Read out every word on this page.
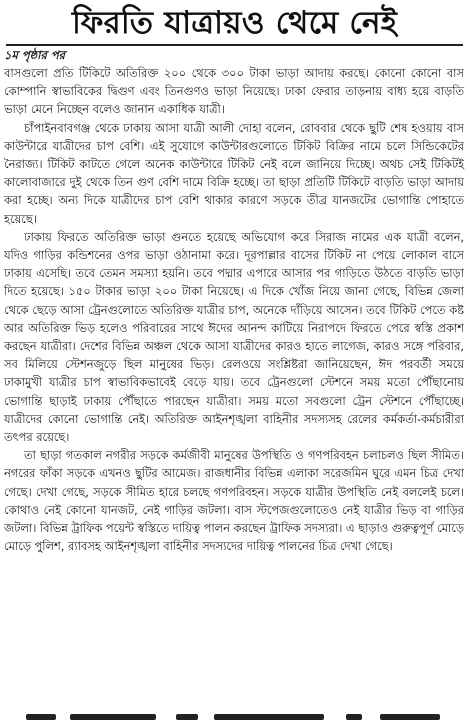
ফিরতি যাত্রায়ও থেমে নেই
১ম পৃষ্ঠার পর

বাসগুলো প্রতি টিকিটে অতিরিক্ত ২০০ থেকে ৩০০ টাকা ভাড়া আদায় করছে। কোনো কোনো বাস কোম্পানি স্বাভাবিকের দ্বিগুণ এবং তিনগুণও ভাড়া নিয়েছে। ঢাকা ফেরার তাড়নায় বাধ্য হয়ে বাড়তি ভাড়া মেনে নিচ্ছেন বলেও জানান একাধিক যাত্রী।

চাঁপাইনবাবগঞ্জ থেকে ঢাকায় আসা যাত্রী আলী দোহা বলেন, রোববার থেকে ছুটি শেষ হওয়ায় বাস কাউন্টারে যাত্রীদের চাপ বেশি। এই সুযোগে কাউন্টারগুলোতে টিকিট বিক্রির নামে চলে সিন্ডিকেটের নৈরাজ্য। টিকিট কাটতে গেলে অনেক কাউন্টারে টিকিট নেই বলে জানিয়ে দিচ্ছে। অথচ সেই টিকিটই কালোবাজারে দুই থেকে তিন গুণ বেশি দামে বিক্রি হচ্ছে। তা ছাড়া প্রতিটি টিকিটে বাড়তি ভাড়া আদায় করা হচ্ছে। অন্য দিকে যাত্রীদের চাপ বেশি থাকার কারণে সড়কে তীব্র যানজটের ভোগান্তি পোহাতে হয়েছে।

ঢাকায় ফিরতে অতিরিক্ত ভাড়া গুনতে হয়েছে অভিযোগ করে সিরাজ নামের এক যাত্রী বলেন, যদিও গাড়ির কন্ডিশনের ওপর ভাড়া ওঠানামা করে। দূরপাল্লার বাসের টিকিট না পেয়ে লোকাল বাসে ঢাকায় এসেছি। তবে তেমন সমস্যা হয়নি। তবে পদ্মার এপারে আসার পর গাড়িতে উঠতে বাড়তি ভাড়া দিতে হয়েছে। ১৫০ টাকার ভাড়া ২০০ টাকা নিয়েছে। এ দিকে খোঁজ নিয়ে জানা গেছে, বিভিন্ন জেলা থেকে ছেড়ে আসা ট্রেনগুলোতে অতিরিক্ত যাত্রীর চাপ, অনেকে দাঁড়িয়ে আসেন। তবে টিকিট পেতে কষ্ট আর অতিরিক্ত ভিড় হলেও পরিবারের সাথে ঈদের আনন্দ কাটিয়ে নিরাপদে ফিরতে পেরে স্বস্তি প্রকাশ করছেন যাত্রীরা। দেশের বিভিন্ন অঞ্চল থেকে আসা যাত্রীদের কারও হাতে লাগেজ, কারও সঙ্গে পরিবার, সব মিলিয়ে স্টেশনজুড়ে ছিল মানুষের ভিড়। রেলওয়ে সংশ্লিষ্টরা জানিয়েছেন, ঈদ পরবর্তী সময়ে ঢাকামুখী যাত্রীর চাপ স্বাভাবিকভাবেই বেড়ে যায়। তবে ট্রেনগুলো স্টেশনে সময় মতো পৌঁছানোয় ভোগান্তি ছাড়াই ঢাকায় পৌঁছাতে পারছেন যাত্রীরা। সময় মতো সবগুলো ট্রেন স্টেশনে পৌঁছাচ্ছে। যাত্রীদের কোনো ভোগান্তি নেই। অতিরিক্ত আইনশৃঙ্খলা বাহিনীর সদস্যসহ রেলের কর্মকর্তা-কর্মচারীরা তৎপর রয়েছে।

তা ছাড়া গতকাল নগরীর সড়কে কর্মজীবী মানুষের উপস্থিতি ও গণপরিবহন চলাচলও ছিল সীমিত। নগরের ফাঁকা সড়কে এখনও ছুটির আমেজ। রাজধানীর বিভিন্ন এলাকা সরেজমিন ঘুরে এমন চিত্র দেখা গেছে। দেখা গেছে, সড়কে সীমিত হারে চলছে গণপরিবহন। সড়কে যাত্রীর উপস্থিতি নেই বললেই চলে। কোথাও নেই কোনো যানজট, নেই গাড়ির জটলা। বাস স্টপেজগুলোতেও নেই যাত্রীর ভিড় বা গাড়ির জটলা। বিভিন্ন ট্রাফিক পয়েন্ট স্বস্তিতে দায়িত্ব পালন করছেন ট্রাফিক সদস্যরা। এ ছাড়াও গুরুত্বপূর্ণ মোড়ে মোড়ে পুলিশ, র‍্যাবসহ আইনশৃঙ্খলা বাহিনীর সদস্যদের দায়িত্ব পালনের চিত্র দেখা গেছে।
